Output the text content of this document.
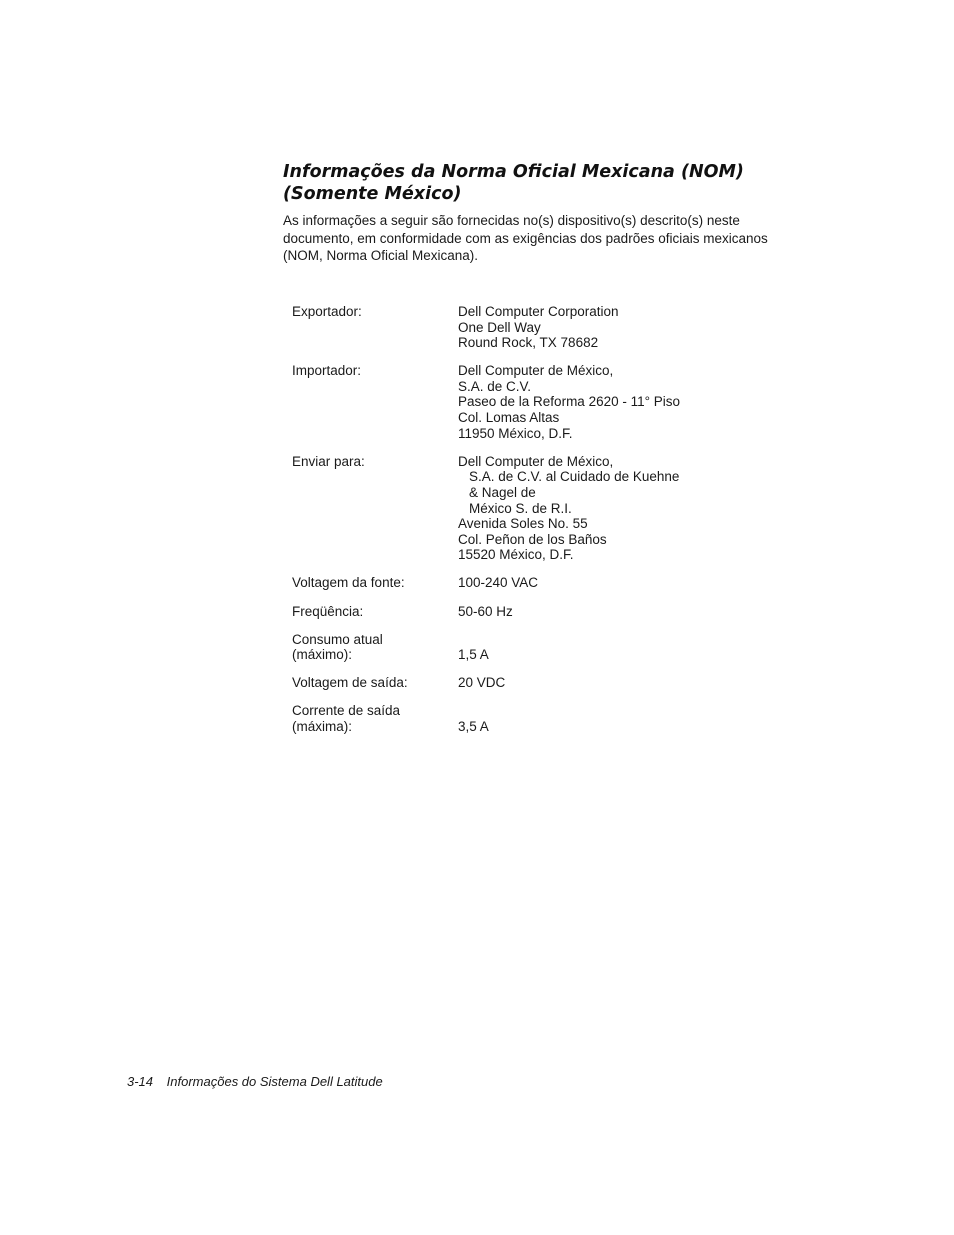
Informações da Norma Oficial Mexicana (NOM)
(Somente México)

As informações a seguir são fornecidas no(s) dispositivo(s) descrito(s) neste documento, em conformidade com as exigências dos padrões oficiais mexicanos (NOM, Norma Oficial Mexicana).

Exportador:	Dell Computer Corporation
One Dell Way
Round Rock, TX 78682
Importador:	Dell Computer de México,
S.A. de C.V.
Paseo de la Reforma 2620 - 11° Piso
Col. Lomas Altas
11950 México, D.F.
Enviar para:	Dell Computer de México,
S.A. de C.V. al Cuidado de Kuehne
& Nagel de
México S. de R.I.
Avenida Soles No. 55
Col. Peñon de los Baños
15520 México, D.F.
Voltagem da fonte:	100-240 VAC
Freqüência:	50-60 Hz
Consumo atual
(máximo):
	1,5 A
Voltagem de saída:	20 VDC
Corrente de saída
(máxima):
	3,5 A
3-14 Informações do Sistema Dell Latitude
